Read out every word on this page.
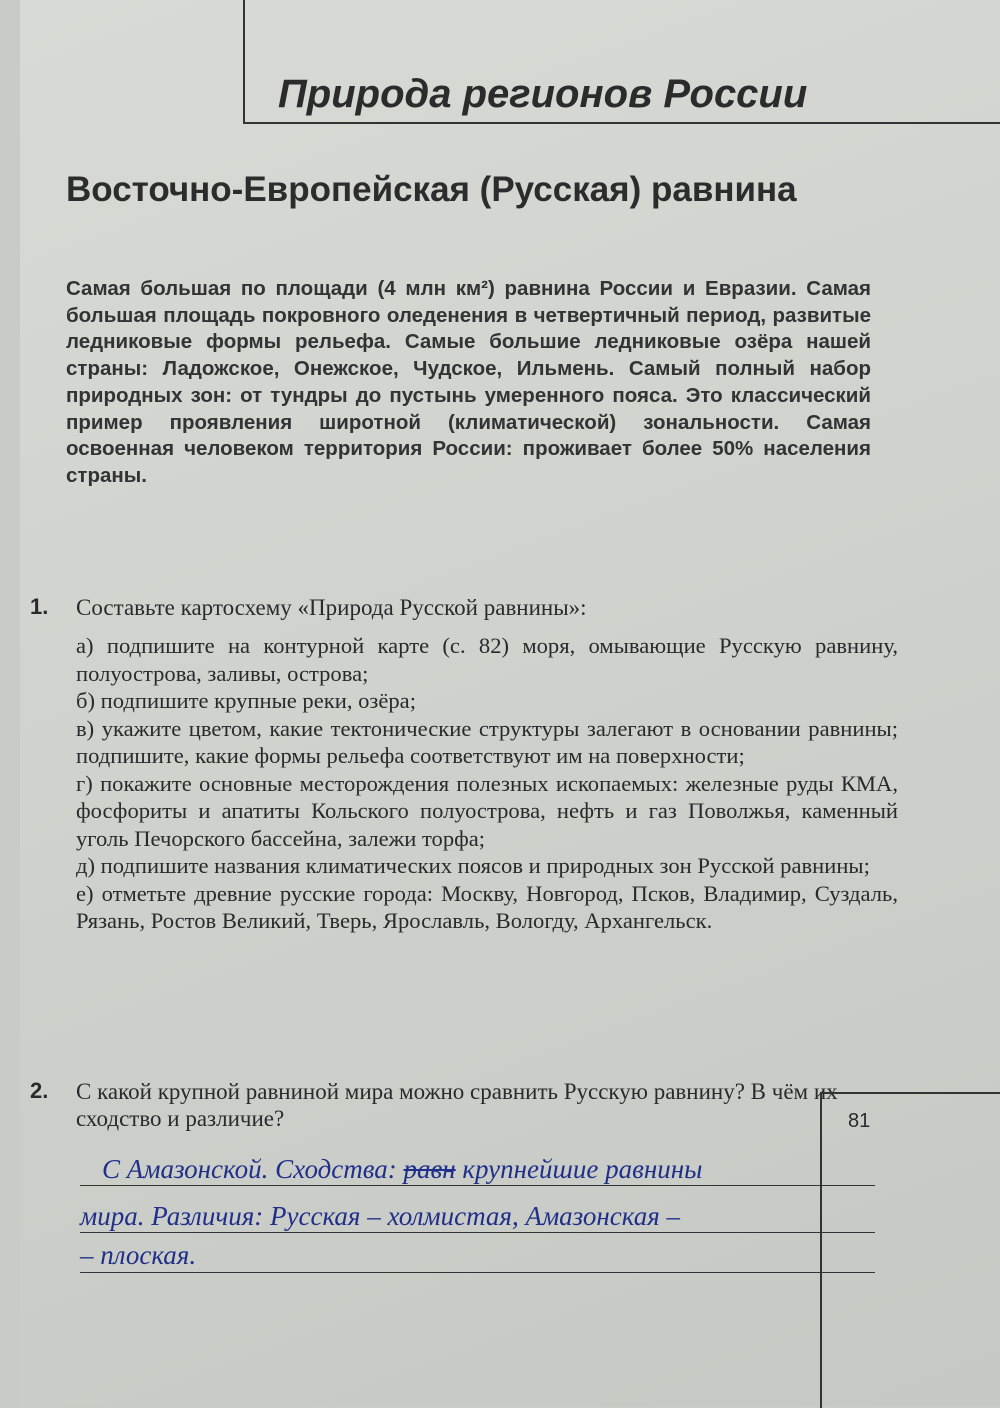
Природа регионов России
Восточно-Европейская (Русская) равнина

Самая большая по площади (4 млн км²) равнина России и Евразии. Самая большая площадь покровного оледенения в четвертичный период, развитые ледниковые формы рельефа. Самые большие ледниковые озёра нашей страны: Ладожское, Онежское, Чудское, Ильмень. Самый полный набор природных зон: от тундры до пустынь умеренного пояса. Это классический пример проявления широтной (климатической) зональности. Самая освоенная человеком территория России: проживает более 50% населения страны.

1. Составьте картосхему «Природа Русской равнины»:
а) подпишите на контурной карте (с. 82) моря, омывающие Русскую равнину, полуострова, заливы, острова;
б) подпишите крупные реки, озёра;
в) укажите цветом, какие тектонические структуры залегают в основании равнины; подпишите, какие формы рельефа соответствуют им на поверхности;
г) покажите основные месторождения полезных ископаемых: железные руды КМА, фосфориты и апатиты Кольского полуострова, нефть и газ Поволжья, каменный уголь Печорского бассейна, залежи торфа;
д) подпишите названия климатических поясов и природных зон Русской равнины;
е) отметьте древние русские города: Москву, Новгород, Псков, Владимир, Суздаль, Рязань, Ростов Великий, Тверь, Ярославль, Вологду, Архангельск.
2. С какой крупной равниной мира можно сравнить Русскую равнину? В чём их сходство и различие?
С Амазонской. Сходства: равн крупнейшие равнины
мира. Различия: Русская – холмистая, Амазонская –
– плоская.
81
